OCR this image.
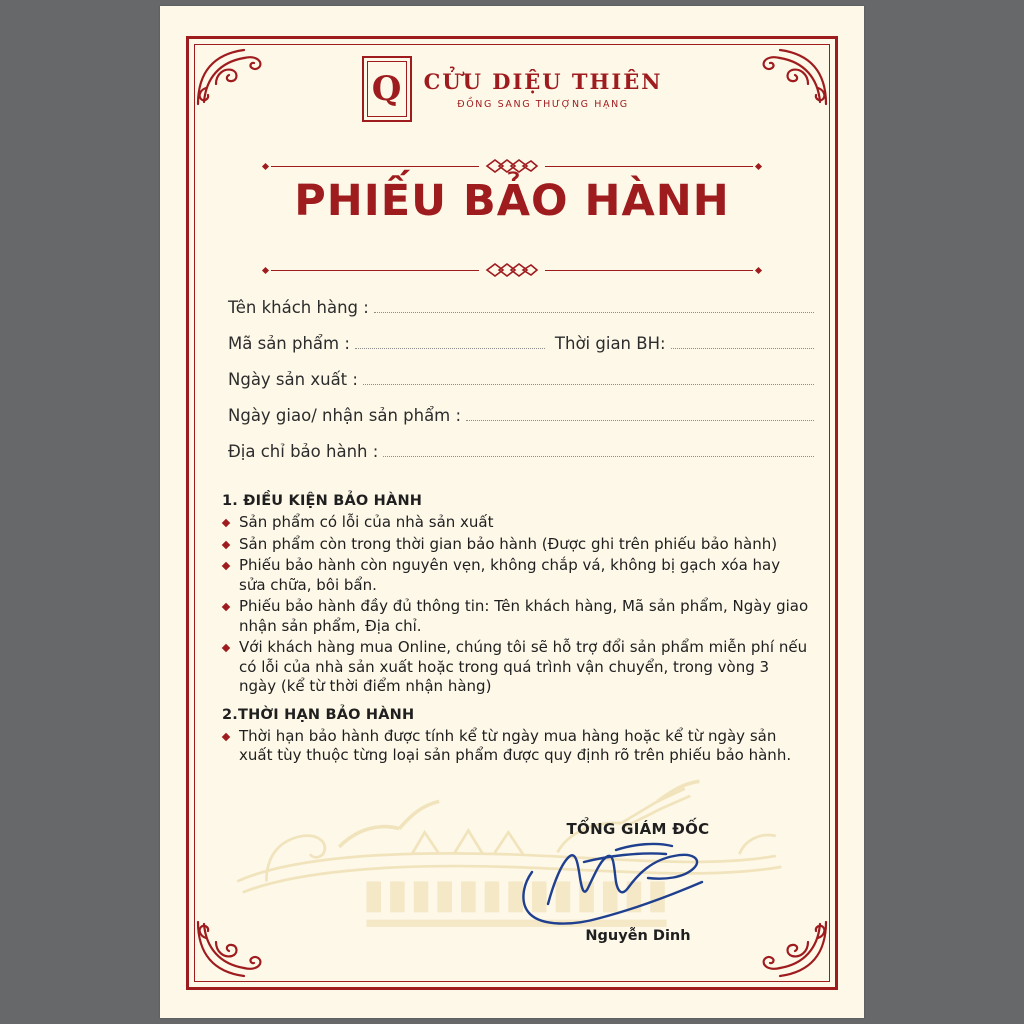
Q CỬU DIỆU THIÊN
ĐỒNG SANG THƯỢNG HẠNG
PHIẾU BẢO HÀNH
Tên khách hàng :
Mã sản phẩm :	Thời gian BH:
Ngày sản xuất :
Ngày giao/ nhận sản phẩm :
Địa chỉ bảo hành :
1. ĐIỀU KIỆN BẢO HÀNH
Sản phẩm có lỗi của nhà sản xuất
Sản phẩm còn trong thời gian bảo hành (Được ghi trên phiếu bảo hành)
Phiếu bảo hành còn nguyên vẹn, không chắp vá, không bị gạch xóa hay sửa chữa, bôi bẩn.
Phiếu bảo hành đầy đủ thông tin: Tên khách hàng, Mã sản phẩm, Ngày giao nhận sản phẩm, Địa chỉ.
Với khách hàng mua Online, chúng tôi sẽ hỗ trợ đổi sản phẩm miễn phí nếu có lỗi của nhà sản xuất hoặc trong quá trình vận chuyển, trong vòng 3 ngày (kể từ thời điểm nhận hàng)
2.THỜI HẠN BẢO HÀNH
Thời hạn bảo hành được tính kể từ ngày mua hàng hoặc kể từ ngày sản xuất tùy thuộc từng loại sản phẩm được quy định rõ trên phiếu bảo hành.
TỔNG GIÁM ĐỐC
Nguyễn Dinh
